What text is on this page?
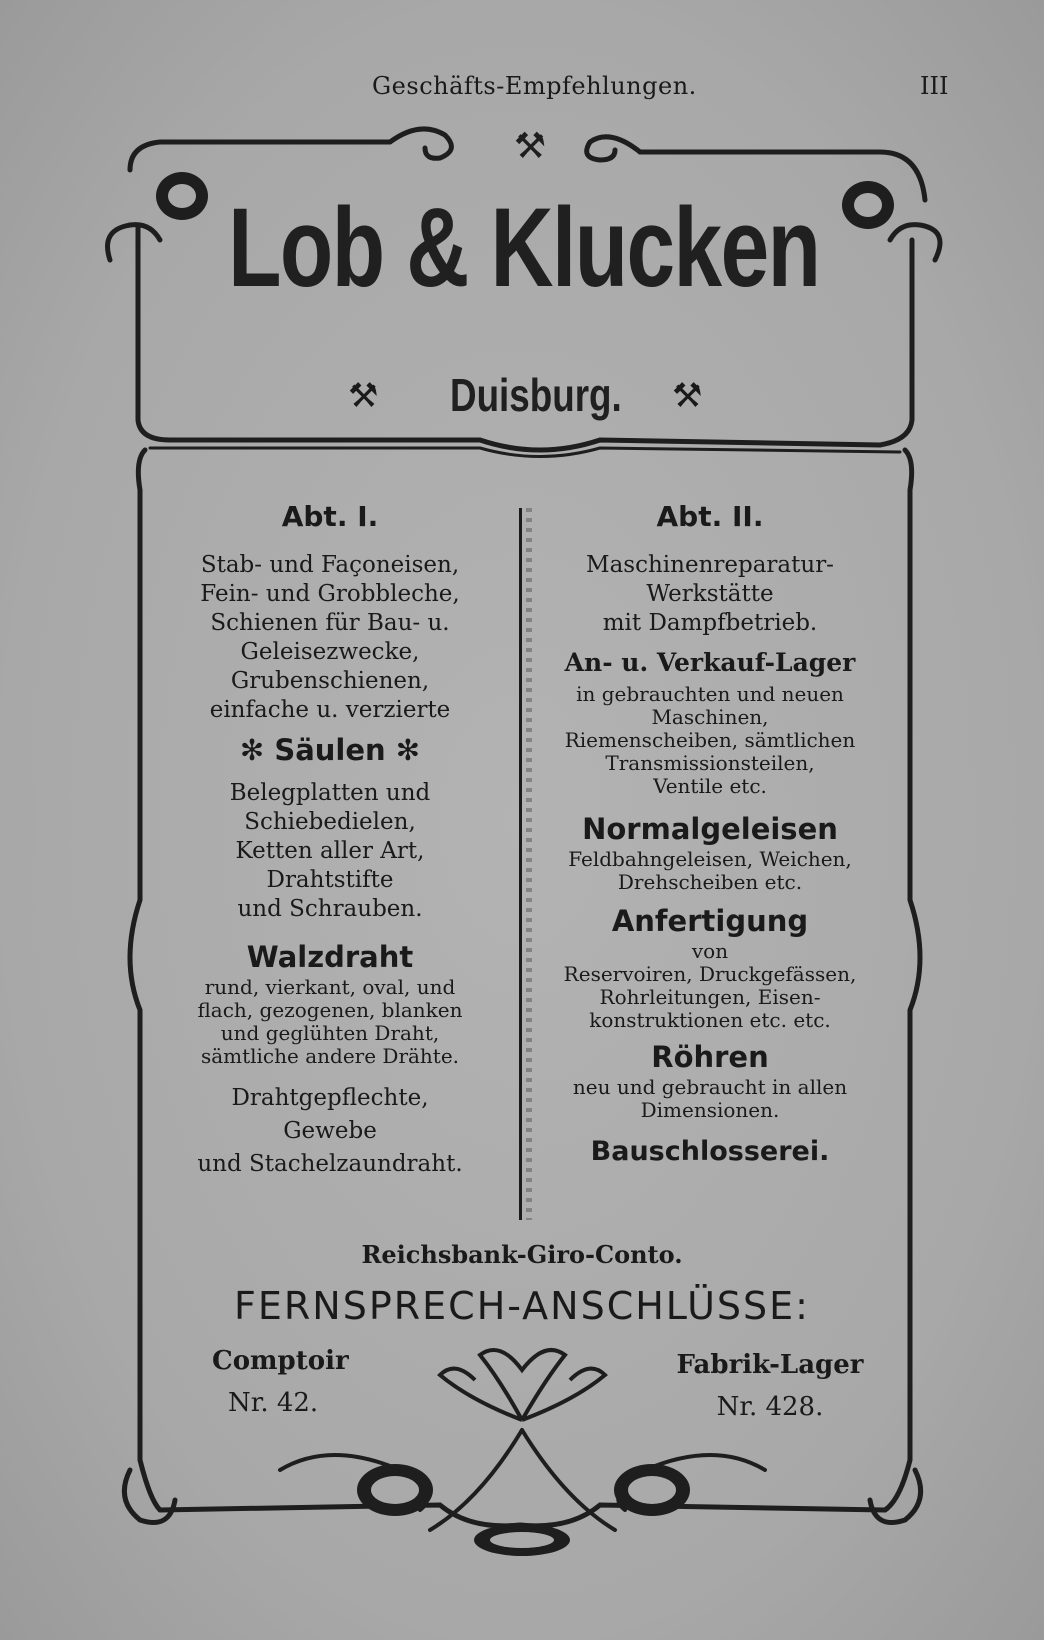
Geschäfts-Empfehlungen.	III
⚒
Lob & Klucken
⚒ Duisburg. ⚒
Abt. I.
Stab- und Façoneisen,
Fein- und Grobbleche,
Schienen für Bau- u.
Geleisezwecke,
Grubenschienen,
einfache u. verzierte
✻ Säulen ✻
Belegplatten und
Schiebedielen,
Ketten aller Art,
Drahtstifte
und Schrauben.
Walzdraht
rund, vierkant, oval, und
flach, gezogenen, blanken
und geglühten Draht,
sämtliche andere Drähte.
Drahtgepflechte,
Gewebe
und Stachelzaundraht.
Abt. II.
Maschinenreparatur-
Werkstätte
mit Dampfbetrieb.
An- u. Verkauf-Lager
in gebrauchten und neuen
Maschinen,
Riemenscheiben, sämtlichen
Transmissionsteilen,
Ventile etc.
Normalgeleisen
Feldbahngeleisen, Weichen,
Drehscheiben etc.
Anfertigung
von
Reservoiren, Druckgefässen,
Rohrleitungen, Eisen-
konstruktionen etc. etc.
Röhren
neu und gebraucht in allen
Dimensionen.
Bauschlosserei.
Reichsbank-Giro-Conto.
FERNSPRECH-ANSCHLÜSSE:
Comptoir
Nr. 42.
Fabrik-Lager
Nr. 428.
